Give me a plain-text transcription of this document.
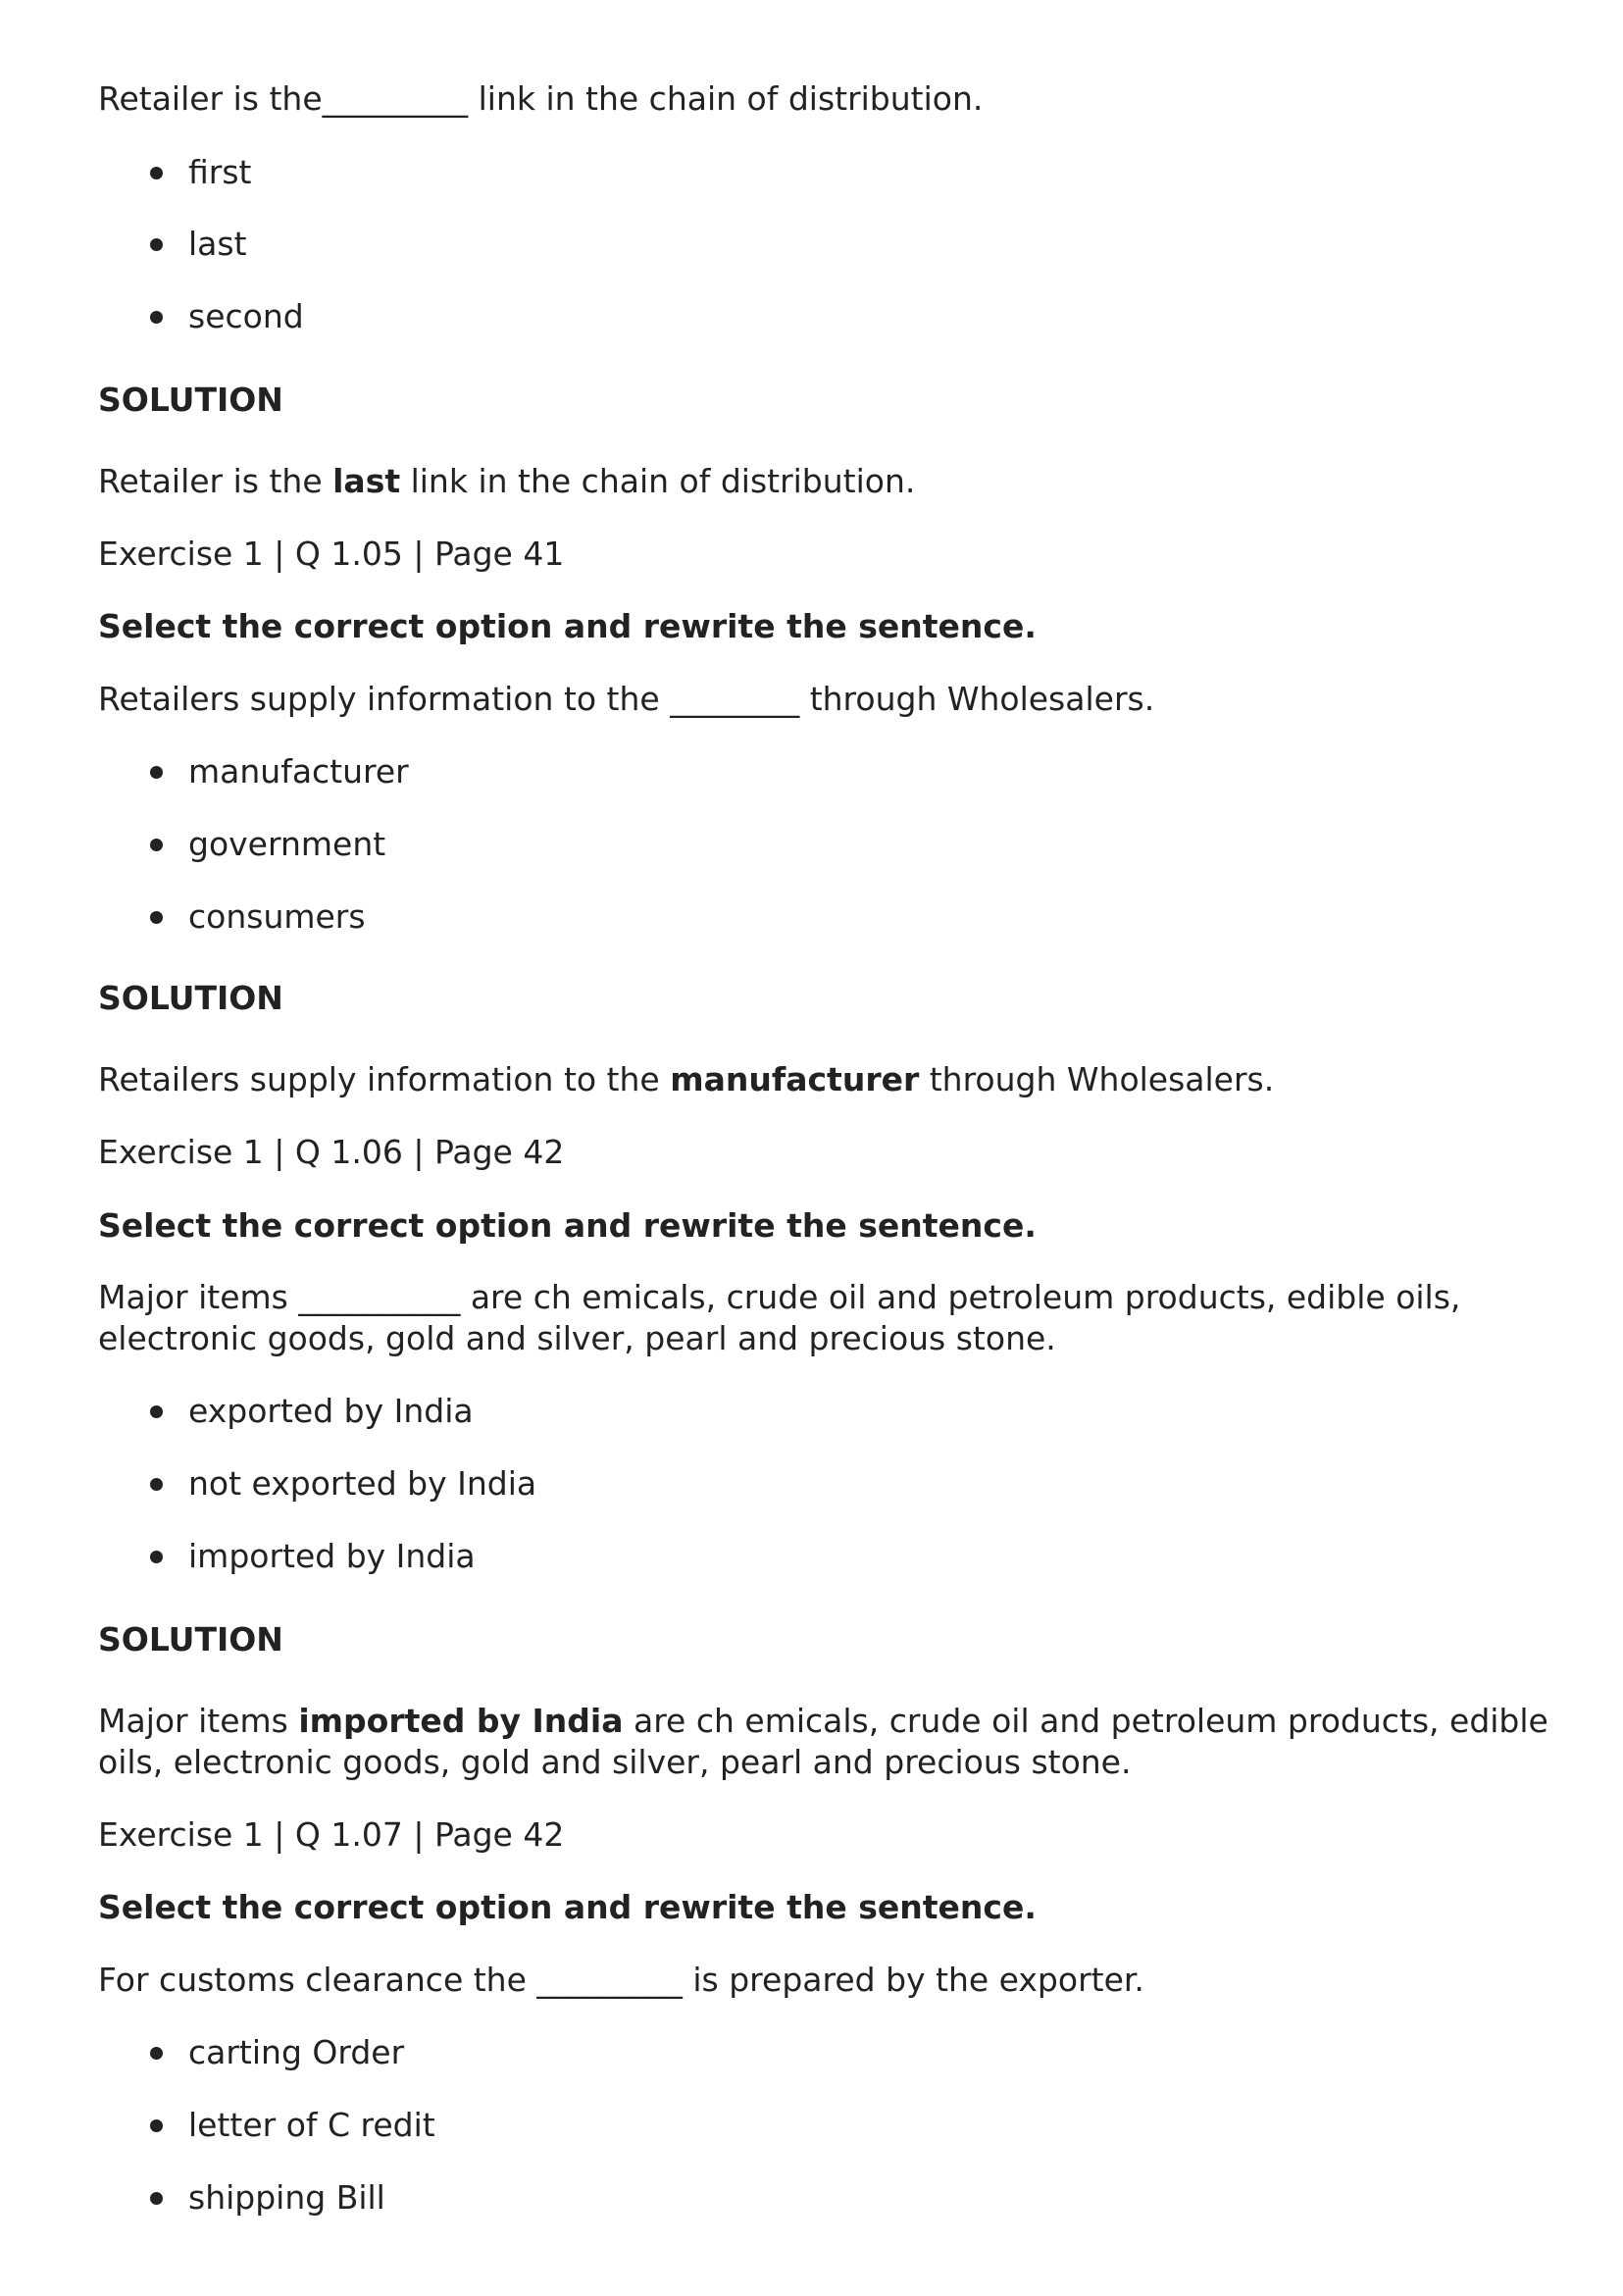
Retailer is the_________ link in the chain of distribution.

first
last
second

SOLUTION

Retailer is the last link in the chain of distribution.

Exercise 1 | Q 1.05 | Page 41

Select the correct option and rewrite the sentence.

Retailers supply information to the ________ through Wholesalers.

manufacturer
government
consumers

SOLUTION

Retailers supply information to the manufacturer through Wholesalers.

Exercise 1 | Q 1.06 | Page 42

Select the correct option and rewrite the sentence.

Major items __________ are ch emicals, crude oil and petroleum products, edible oils,

electronic goods, gold and silver, pearl and precious stone.

exported by India
not exported by India
imported by India

SOLUTION

Major items imported by India are ch emicals, crude oil and petroleum products, edible

oils, electronic goods, gold and silver, pearl and precious stone.

Exercise 1 | Q 1.07 | Page 42

Select the correct option and rewrite the sentence.

For customs clearance the _________ is prepared by the exporter.

carting Order
letter of C redit
shipping Bill
